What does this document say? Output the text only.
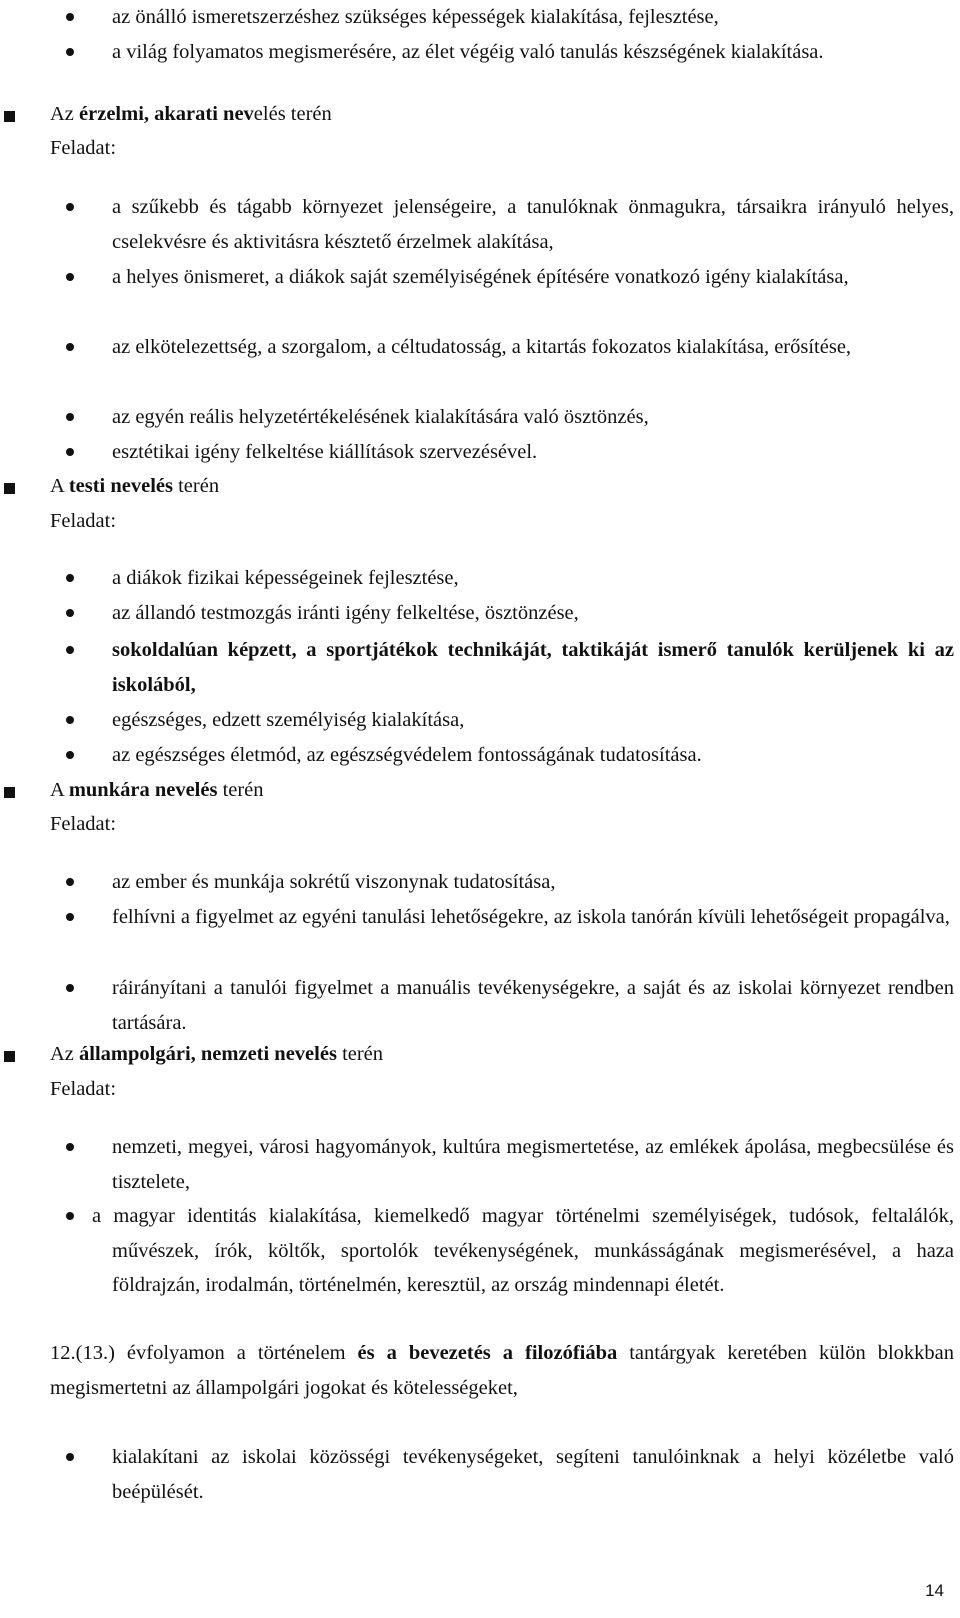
az önálló ismeretszerzéshez szükséges képességek kialakítása, fejlesztése,
a világ folyamatos megismerésére, az élet végéig való tanulás készségének kialakítása.
Az érzelmi, akarati nevelés terén
Feladat:
a szűkebb és tágabb környezet jelenségeire, a tanulóknak önmagukra, társaikra irányuló helyes, cselekvésre és aktivitásra késztető érzelmek alakítása,
a helyes önismeret, a diákok saját személyiségének építésére vonatkozó igény kialakítása,
az elkötelezettség, a szorgalom, a céltudatosság, a kitartás fokozatos kialakítása, erősítése,
az egyén reális helyzetértékelésének kialakítására való ösztönzés,
esztétikai igény felkeltése kiállítások szervezésével.
A testi nevelés terén
Feladat:
a diákok fizikai képességeinek fejlesztése,
az állandó testmozgás iránti igény felkeltése, ösztönzése,
sokoldalúan képzett, a sportjátékok technikáját, taktikáját ismerő tanulók kerüljenek ki az iskolából,
egészséges, edzett személyiség kialakítása,
az egészséges életmód, az egészségvédelem fontosságának tudatosítása.
A munkára nevelés terén
Feladat:
az ember és munkája sokrétű viszonynak tudatosítása,
felhívni a figyelmet az egyéni tanulási lehetőségekre, az iskola tanórán kívüli lehetőségeit propagálva,
ráirányítani a tanulói figyelmet a manuális tevékenységekre, a saját és az iskolai környezet rendben tartására.
Az állampolgári, nemzeti nevelés terén
Feladat:
nemzeti, megyei, városi hagyományok, kultúra megismertetése, az emlékek ápolása, megbecsülése és tisztelete,
a magyar identitás kialakítása, kiemelkedő magyar történelmi személyiségek, tudósok, feltalálók, művészek, írók, költők, sportolók tevékenységének, munkásságának megismerésével, a haza földrajzán, irodalmán, történelmén, keresztül, az ország mindennapi életét.
12.(13.) évfolyamon a történelem és a bevezetés a filozófiába tantárgyak keretében külön blokkban megismertetni az állampolgári jogokat és kötelességeket,
kialakítani az iskolai közösségi tevékenységeket, segíteni tanulóinknak a helyi közéletbe való beépülését.
14
